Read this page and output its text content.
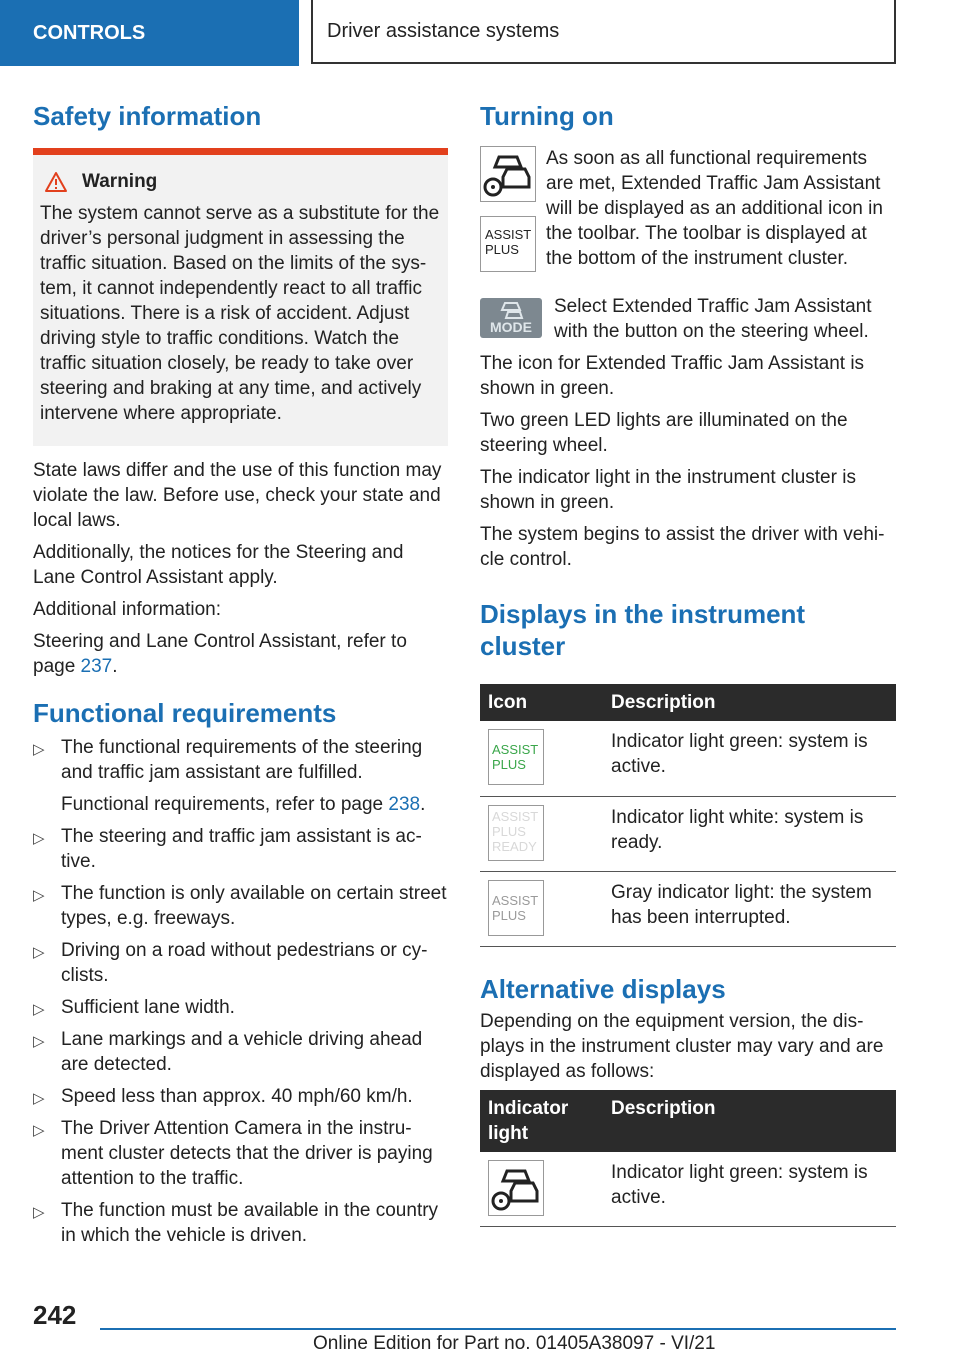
CONTROLS	Driver assistance systems
Safety information
Warning

The system cannot serve as a substitute for the driver’s personal judgment in assessing the traffic situation. Based on the limits of the sys‐tem, it cannot independently react to all traffic situations. There is a risk of accident. Adjust driving style to traffic conditions. Watch the traffic situation closely, be ready to take over steering and braking at any time, and actively intervene where appropriate.

State laws differ and the use of this function may violate the law. Before use, check your state and local laws.

Additionally, the notices for the Steering and Lane Control Assistant apply.

Additional information:

Steering and Lane Control Assistant, refer to page 237.

Functional requirements
▷ The functional requirements of the steering and traffic jam assistant are fulfilled.
Functional requirements, refer to page 238.
▷ The steering and traffic jam assistant is ac‐tive.
▷ The function is only available on certain street types, e.g. freeways.
▷ Driving on a road without pedestrians or cy‐clists.
▷ Sufficient lane width.
▷ Lane markings and a vehicle driving ahead are detected.
▷ Speed less than approx. 40 mph/60 km/h.
▷ The Driver Attention Camera in the instru‐ment cluster detects that the driver is paying attention to the traffic.
▷ The function must be available in the country in which the vehicle is driven.
Turning on
ASSIST
PLUS

As soon as all functional requirements are met, Extended Traffic Jam Assistant will be displayed as an additional icon in the toolbar. The toolbar is displayed at the bottom of the instrument cluster.

MODE

Select Extended Traffic Jam Assistant with the button on the steering wheel.

The icon for Extended Traffic Jam Assistant is shown in green.

Two green LED lights are illuminated on the steering wheel.

The indicator light in the instrument cluster is shown in green.

The system begins to assist the driver with vehi‐cle control.

Displays in the instrument cluster
Icon	Description

ASSIST
PLUS	Indicator light green: system is active.

ASSIST
PLUS
READY	Indicator light white: system is ready.

ASSIST
PLUS	Gray indicator light: the system has been interrupted.
Alternative displays

Depending on the equipment version, the dis‐plays in the instrument cluster may vary and are displayed as follows:

Indicator light	Description

	Indicator light green: system is active.
242
Online Edition for Part no. 01405A38097 - VI/21
